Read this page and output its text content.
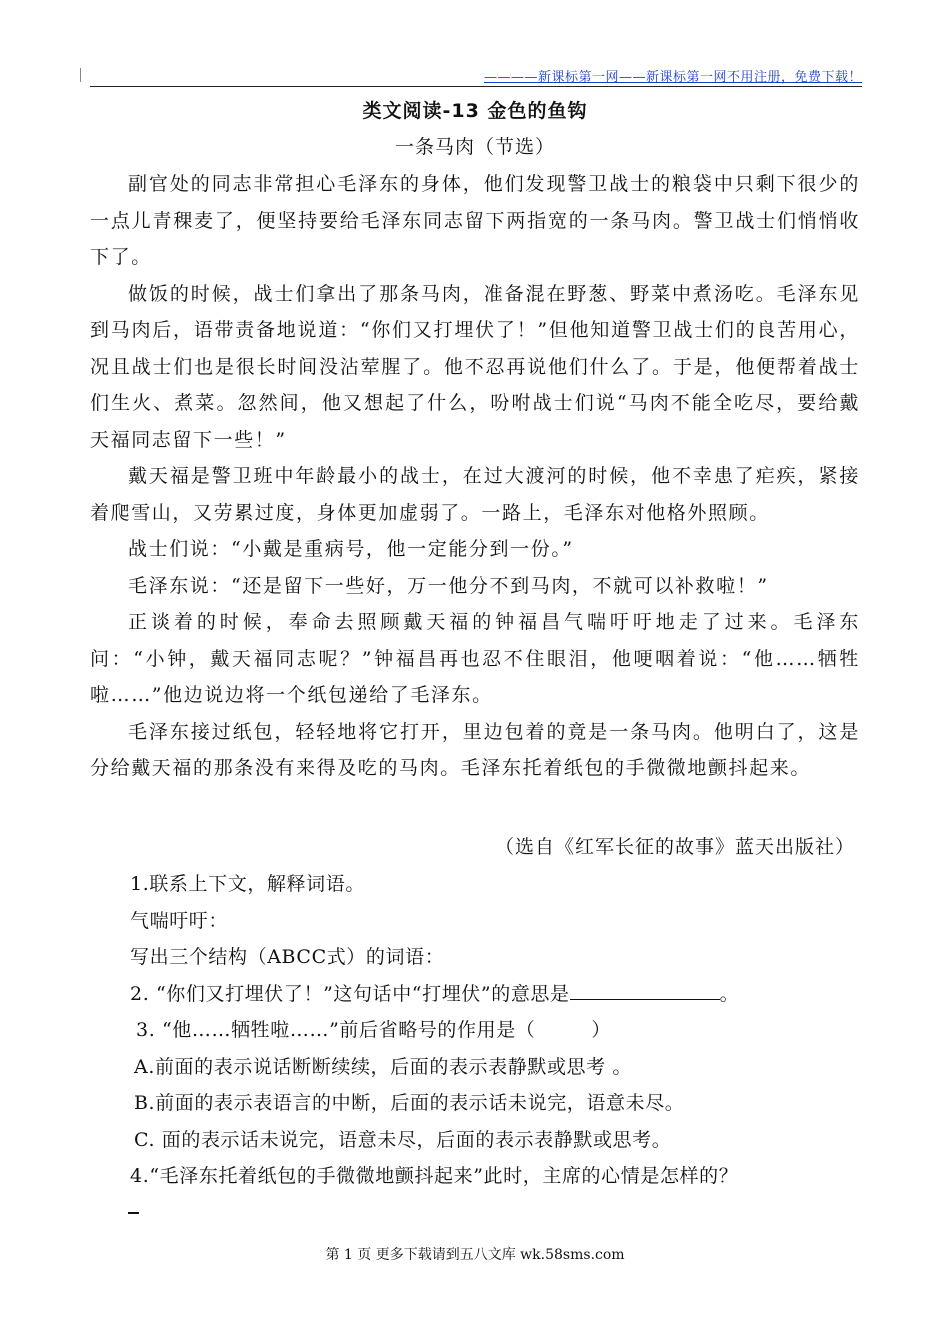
————新课标第一网——新课标第一网不用注册，免费下载！
类文阅读-13 金色的鱼钩
一条马肉（节选）

副官处的同志非常担心毛泽东的身体，他们发现警卫战士的粮袋中只剩下很少的一点儿青稞麦了，便坚持要给毛泽东同志留下两指宽的一条马肉。警卫战士们悄悄收下了。

做饭的时候，战士们拿出了那条马肉，准备混在野葱、野菜中煮汤吃。毛泽东见到马肉后，语带责备地说道：“你们又打埋伏了！”但他知道警卫战士们的良苦用心，况且战士们也是很长时间没沾荤腥了。他不忍再说他们什么了。于是，他便帮着战士们生火、煮菜。忽然间，他又想起了什么，吩咐战士们说“马肉不能全吃尽，要给戴天福同志留下一些！”

戴天福是警卫班中年龄最小的战士，在过大渡河的时候，他不幸患了疟疾，紧接着爬雪山，又劳累过度，身体更加虚弱了。一路上，毛泽东对他格外照顾。

战士们说：“小戴是重病号，他一定能分到一份。”

毛泽东说：“还是留下一些好，万一他分不到马肉，不就可以补救啦！”

正谈着的时候，奉命去照顾戴天福的钟福昌气喘吁吁地走了过来。毛泽东问：“小钟，戴天福同志呢？”钟福昌再也忍不住眼泪，他哽咽着说：“他……牺牲啦……”他边说边将一个纸包递给了毛泽东。

毛泽东接过纸包，轻轻地将它打开，里边包着的竟是一条马肉。他明白了，这是分给戴天福的那条没有来得及吃的马肉。毛泽东托着纸包的手微微地颤抖起来。

（选自《红军长征的故事》蓝天出版社）
1.联系上下文，解释词语。
气喘吁吁：
写出三个结构（ABCC式）的词语：
2. “你们又打埋伏了！”这句话中“打埋伏”的意思是	。
3. “他……牺牲啦……”前后省略号的作用是（	）
A.前面的表示说话断断续续，后面的表示表静默或思考 。
B.前面的表示表语言的中断，后面的表示话未说完，语意未尽。
C. 面的表示话未说完，语意未尽，后面的表示表静默或思考。
4.“毛泽东托着纸包的手微微地颤抖起来”此时，主席的心情是怎样的？
第 1 页 更多下载请到五八文库 wk.58sms.com
